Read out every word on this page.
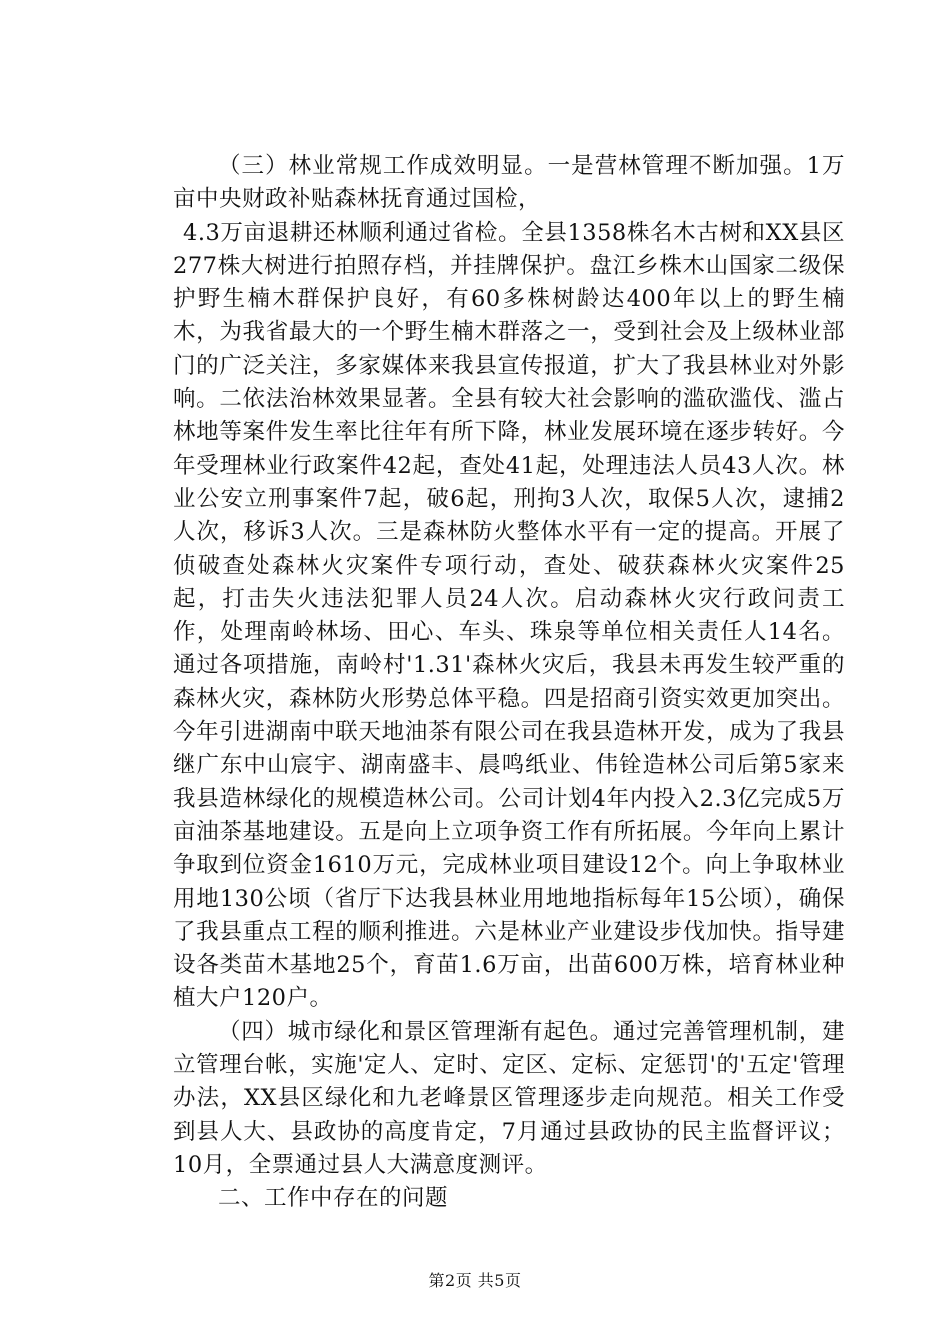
（三）林业常规工作成效明显。一是营林管理不断加强。1万亩中央财政补贴森林抚育通过国检，

4.3万亩退耕还林顺利通过省检。全县1358株名木古树和XX县区277株大树进行拍照存档，并挂牌保护。盘江乡株木山国家二级保护野生楠木群保护良好，有60多株树龄达400年以上的野生楠木，为我省最大的一个野生楠木群落之一，受到社会及上级林业部门的广泛关注，多家媒体来我县宣传报道，扩大了我县林业对外影响。二依法治林效果显著。全县有较大社会影响的滥砍滥伐、滥占林地等案件发生率比往年有所下降，林业发展环境在逐步转好。今年受理林业行政案件42起，查处41起，处理违法人员43人次。林业公安立刑事案件7起，破6起，刑拘3人次，取保5人次，逮捕2人次，移诉3人次。三是森林防火整体水平有一定的提高。开展了侦破查处森林火灾案件专项行动，查处、破获森林火灾案件25起，打击失火违法犯罪人员24人次。启动森林火灾行政问责工作，处理南岭林场、田心、车头、珠泉等单位相关责任人14名。通过各项措施，南岭村'1.31'森林火灾后，我县未再发生较严重的森林火灾，森林防火形势总体平稳。四是招商引资实效更加突出。今年引进湖南中联天地油茶有限公司在我县造林开发，成为了我县继广东中山宸宇、湖南盛丰、晨鸣纸业、伟铨造林公司后第5家来我县造林绿化的规模造林公司。公司计划4年内投入2.3亿完成5万亩油茶基地建设。五是向上立项争资工作有所拓展。今年向上累计争取到位资金1610万元，完成林业项目建设12个。向上争取林业用地130公顷（省厅下达我县林业用地地指标每年15公顷），确保了我县重点工程的顺利推进。六是林业产业建设步伐加快。指导建设各类苗木基地25个，育苗1.6万亩，出苗600万株，培育林业种植大户120户。

（四）城市绿化和景区管理渐有起色。通过完善管理机制，建立管理台帐，实施'定人、定时、定区、定标、定惩罚'的'五定'管理办法，XX县区绿化和九老峰景区管理逐步走向规范。相关工作受到县人大、县政协的高度肯定，7月通过县政协的民主监督评议；10月，全票通过县人大满意度测评。

二、工作中存在的问题

第2页 共5页
